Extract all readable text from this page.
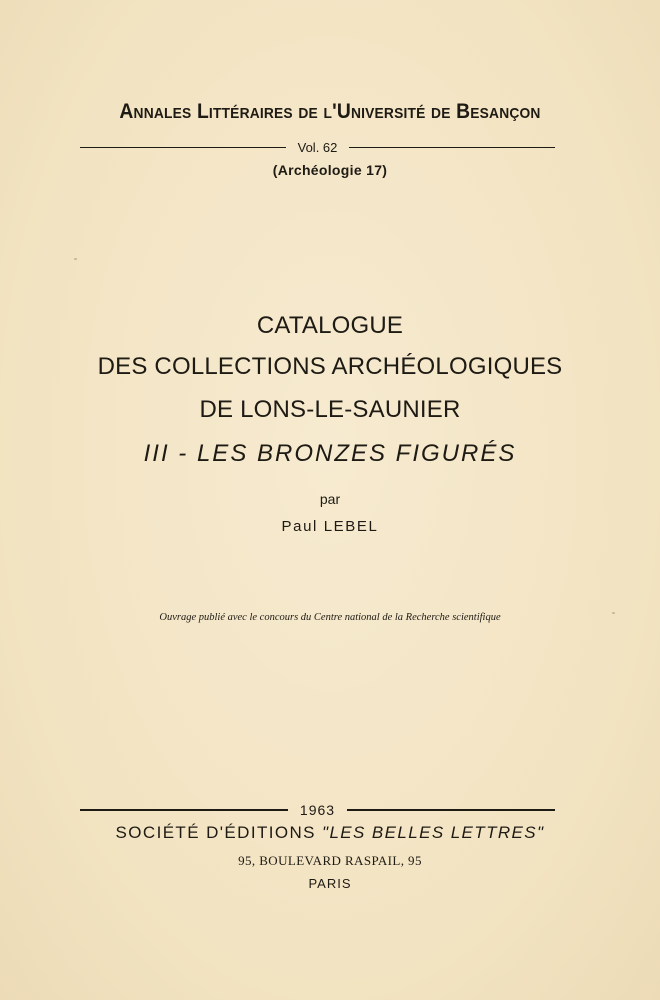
Annales Littéraires de l'Université de Besançon
Vol. 62
(Archéologie 17)
CATALOGUE
DES COLLECTIONS ARCHÉOLOGIQUES
DE LONS-LE-SAUNIER
III - LES BRONZES FIGURÉS
par
Paul LEBEL
Ouvrage publié avec le concours du Centre national de la Recherche scientifique
1963
SOCIÉTÉ D'ÉDITIONS "LES BELLES LETTRES"
95, BOULEVARD RASPAIL, 95
PARIS
